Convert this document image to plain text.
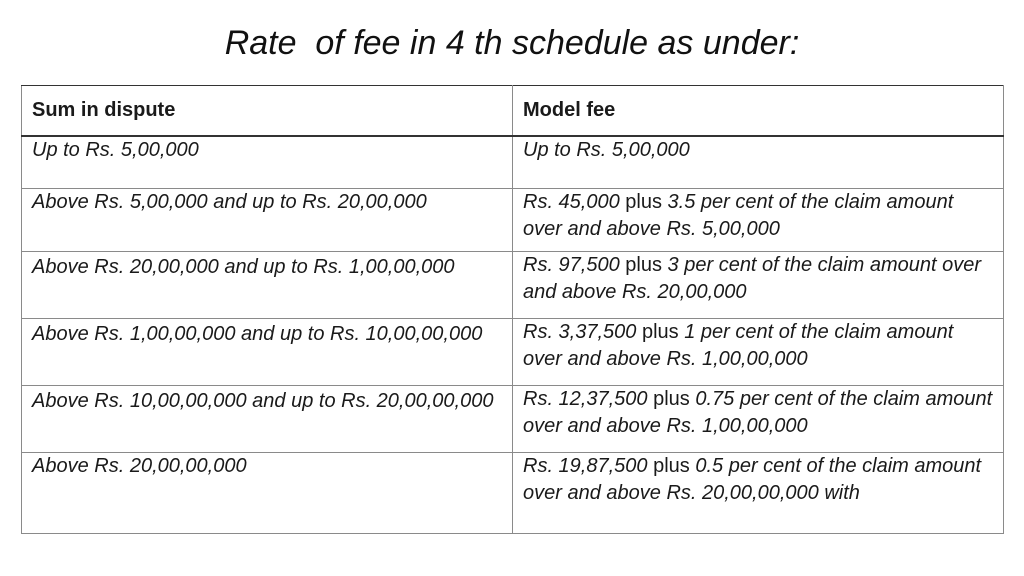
Rate  of fee in 4 th schedule as under:
Sum in dispute	Model fee
Up to Rs. 5,00,000	Up to Rs. 5,00,000
Above Rs. 5,00,000 and up to Rs. 20,00,000	Rs. 45,000 plus 3.5 per cent of the claim amount over and above Rs. 5,00,000
Above Rs. 20,00,000 and up to Rs. 1,00,00,000	Rs. 97,500 plus 3 per cent of the claim amount over and above Rs. 20,00,000
Above Rs. 1,00,00,000 and up to Rs. 10,00,00,000	Rs. 3,37,500 plus 1 per cent of the claim amount over and above Rs. 1,00,00,000
Above Rs. 10,00,00,000 and up to Rs. 20,00,00,000	Rs. 12,37,500 plus 0.75 per cent of the claim amount over and above Rs. 1,00,00,000
Above Rs. 20,00,00,000	Rs. 19,87,500 plus 0.5 per cent of the claim amount over and above Rs. 20,00,00,000 with
